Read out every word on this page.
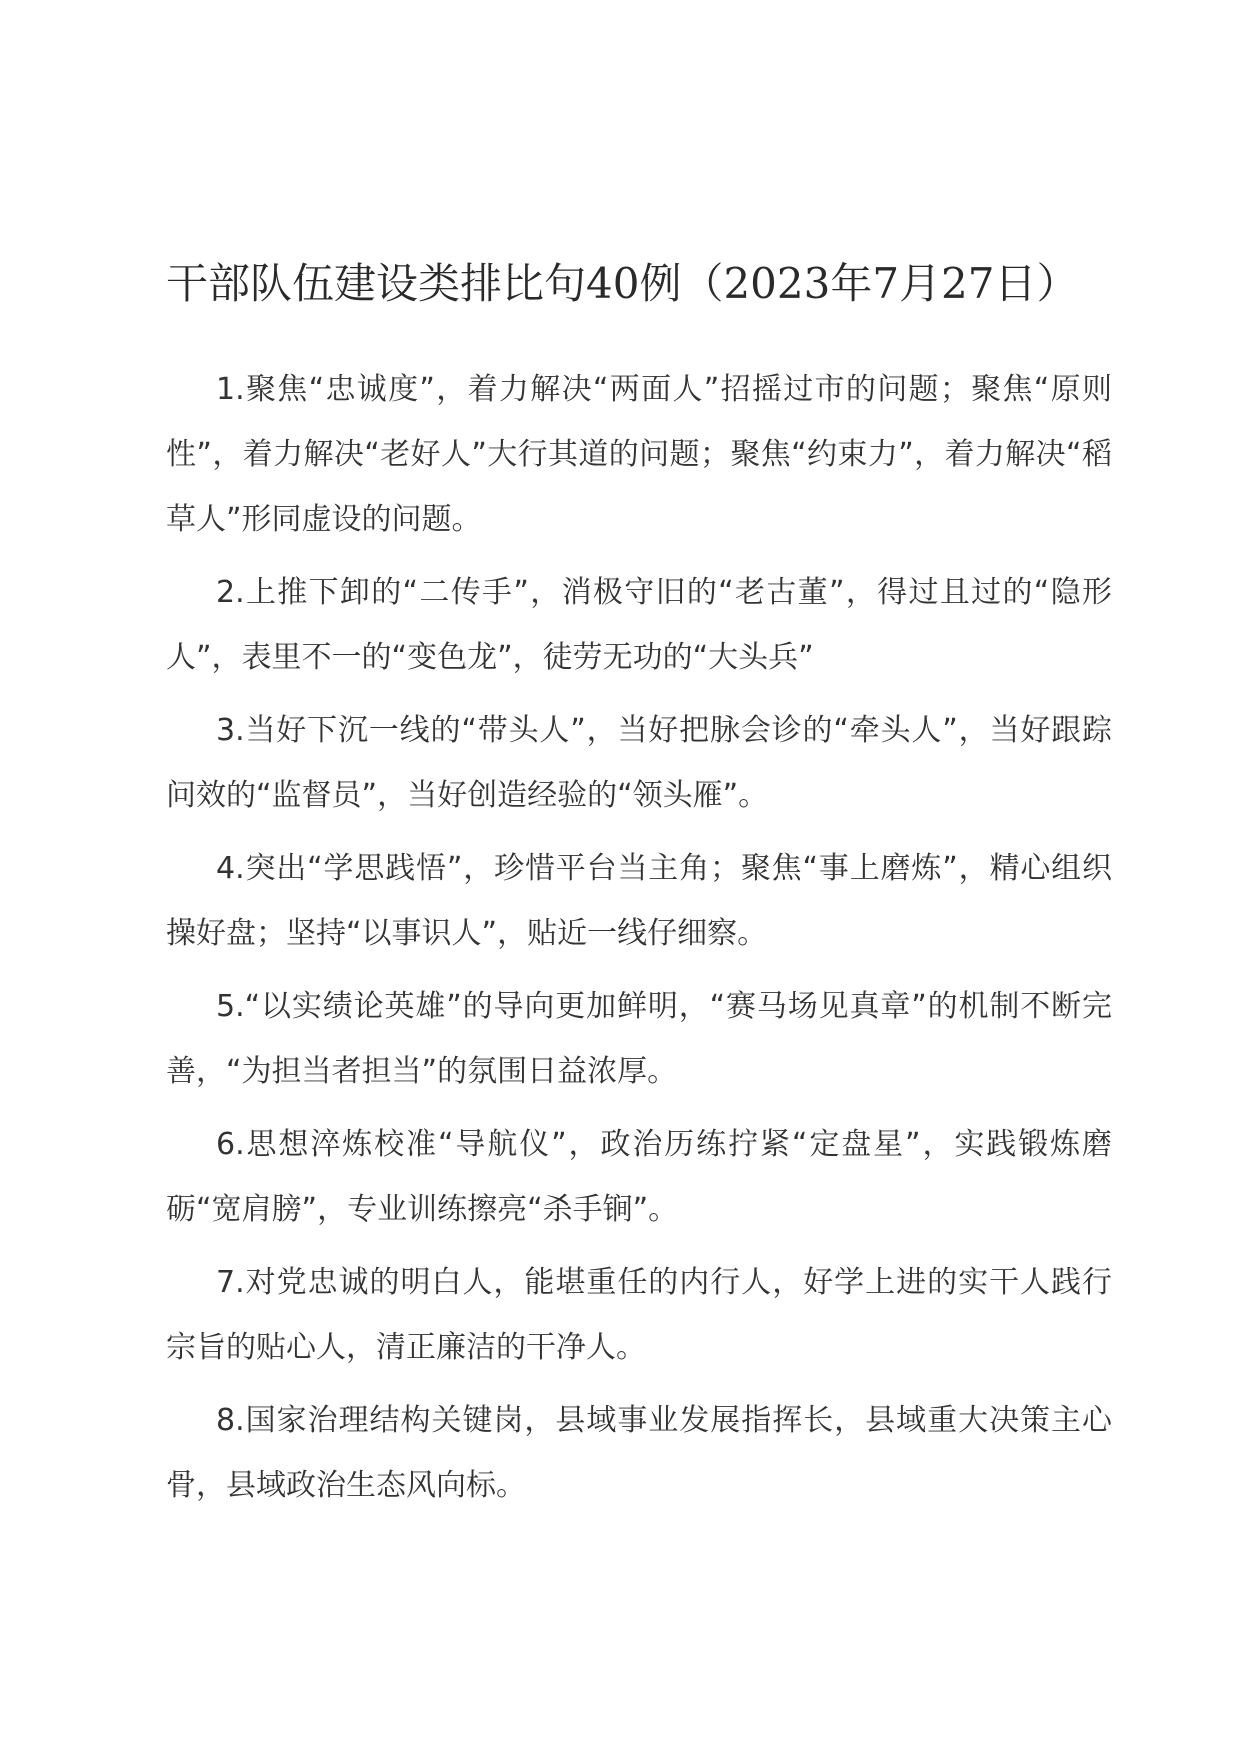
干部队伍建设类排比句40例（2023年7月27日）

1.聚焦“忠诚度”，着力解决“两面人”招摇过市的问题；聚焦“原则性”，着力解决“老好人”大行其道的问题；聚焦“约束力”，着力解决“稻草人”形同虚设的问题。

2.上推下卸的“二传手”，消极守旧的“老古董”，得过且过的“隐形人”，表里不一的“变色龙”，徒劳无功的“大头兵”

3.当好下沉一线的“带头人”，当好把脉会诊的“牵头人”，当好跟踪问效的“监督员”，当好创造经验的“领头雁”。

4.突出“学思践悟”，珍惜平台当主角；聚焦“事上磨炼”，精心组织操好盘；坚持“以事识人”，贴近一线仔细察。

5.“以实绩论英雄”的导向更加鲜明，“赛马场见真章”的机制不断完善，“为担当者担当”的氛围日益浓厚。

6.思想淬炼校准“导航仪”，政治历练拧紧“定盘星”，实践锻炼磨砺“宽肩膀”，专业训练擦亮“杀手锏”。

7.对党忠诚的明白人，能堪重任的内行人，好学上进的实干人践行宗旨的贴心人，清正廉洁的干净人。

8.国家治理结构关键岗，县域事业发展指挥长，县域重大决策主心骨，县域政治生态风向标。
